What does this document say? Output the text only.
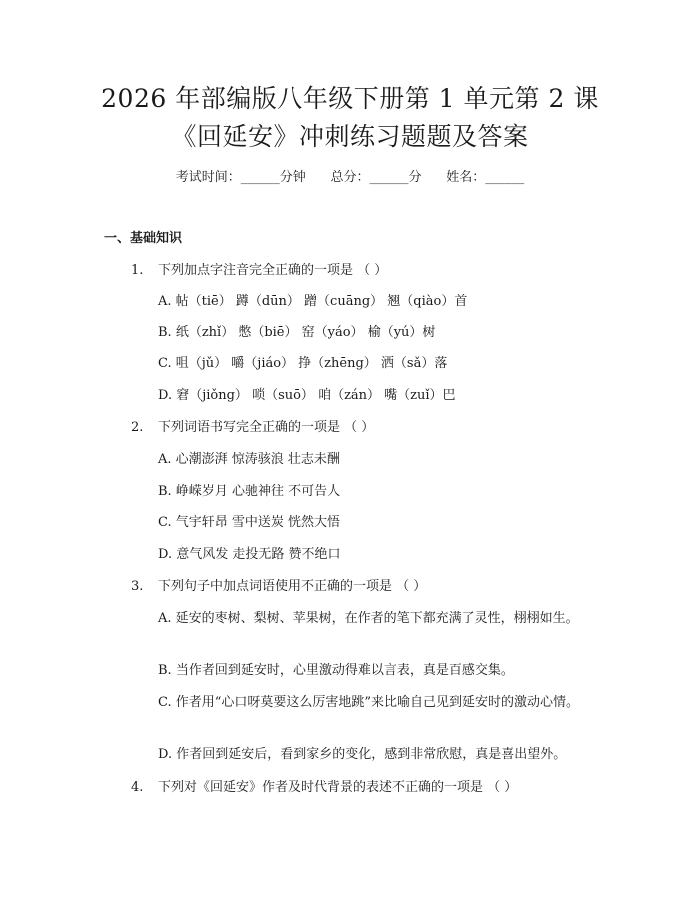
2026 年部编版八年级下册第 1 单元第 2 课
《回延安》冲刺练习题题及答案
考试时间：______分钟      总分：______分      姓名：______
一、基础知识
1. 下列加点字注音完全正确的一项是 （ ）
A. 帖（tiē） 蹲（dūn） 蹭（cuāng） 翘（qiào）首
B. 纸（zhǐ） 憋（biē） 窑（yáo） 榆（yú）树
C. 咀（jǔ） 嚼（jiáo） 挣（zhēng） 洒（sǎ）落
D. 窘（jiǒng） 唢（suō） 咱（zán） 嘴（zuǐ）巴
2. 下列词语书写完全正确的一项是 （ ）
A. 心潮澎湃 惊涛骇浪 壮志未酬
B. 峥嵘岁月 心驰神往 不可告人
C. 气宇轩昂 雪中送炭 恍然大悟
D. 意气风发 走投无路 赞不绝口
3. 下列句子中加点词语使用不正确的一项是 （ ）
A. 延安的枣树、梨树、苹果树，在作者的笔下都充满了灵性，栩栩如生。
B. 当作者回到延安时，心里激动得难以言表，真是百感交集。
C. 作者用“心口呀莫要这么厉害地跳”来比喻自己见到延安时的激动心情。
D. 作者回到延安后，看到家乡的变化，感到非常欣慰，真是喜出望外。
4. 下列对《回延安》作者及时代背景的表述不正确的一项是 （ ）
